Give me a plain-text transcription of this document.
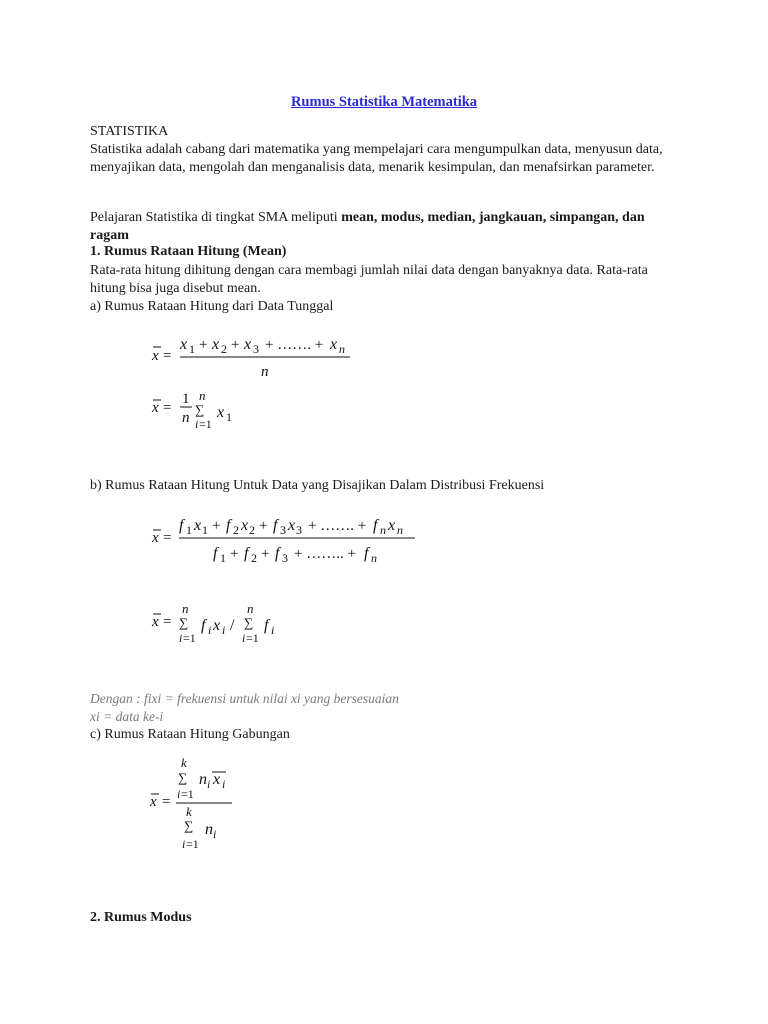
Rumus Statistika Matematika
STATISTIKA
Statistika adalah cabang dari matematika yang mempelajari cara mengumpulkan data, menyusun data, menyajikan data, mengolah dan menganalisis data, menarik kesimpulan, dan menafsirkan parameter.
Pelajaran Statistika di tingkat SMA meliputi mean, modus, median, jangkauan, simpangan, dan ragam
1. Rumus Rataan Hitung (Mean)
Rata-rata hitung dihitung dengan cara membagi jumlah nilai data dengan banyaknya data. Rata-rata hitung bisa juga disebut mean.
a) Rumus Rataan Hitung dari Data Tunggal
x =
x 1 + x 2 + x 3 + ……. + x n
n
x =
1
n
n
∑
i =1
x 1
b) Rumus Rataan Hitung Untuk Data yang Disajikan Dalam Distribusi Frekuensi
x =
f 1 x 1 + f 2 x 2 + f 3 x 3 + ……. + f n x n
f 1 + f 2 + f 3 + …….. + f n
x =
n
∑
i =1
f i x i /
n
∑
i =1
f i
Dengan : fixi = frekuensi untuk nilai xi yang bersesuaian
xi = data ke-i
c) Rumus Rataan Hitung Gabungan
x =
k
∑
i =1
n i x i
k
∑
i =1
n i
2. Rumus Modus
